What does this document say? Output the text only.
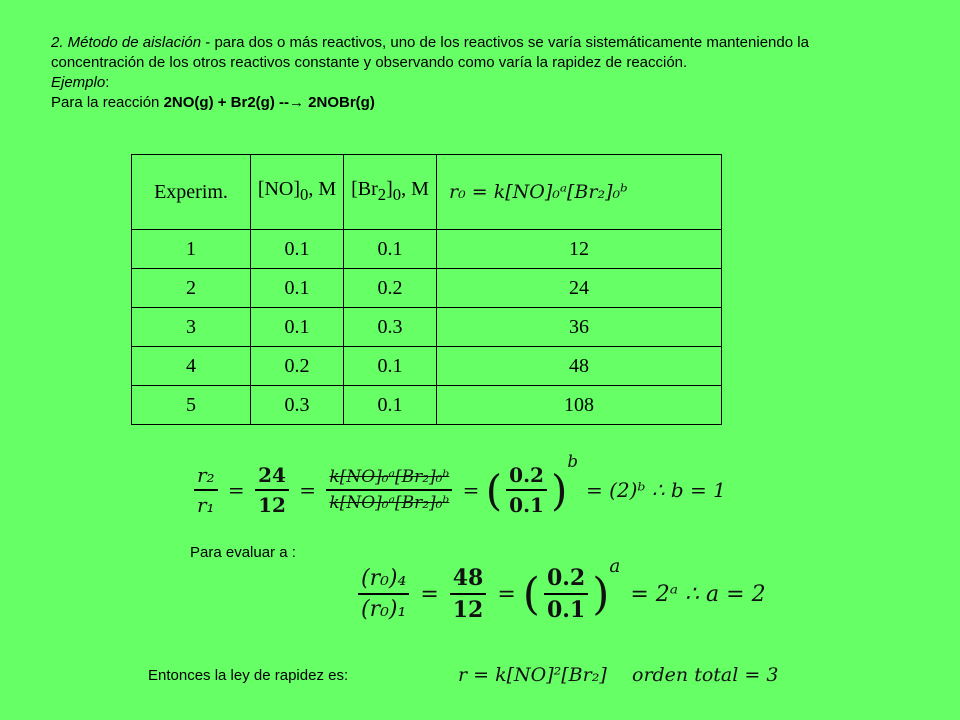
2. Método de aislación - para dos o más reactivos, uno de los reactivos se varía sistemáticamente manteniendo la concentración de los otros reactivos constante y observando como varía la rapidez de reacción.

Ejemplo:

Para la reacción 2NO(g) + Br2(g) --→ 2NOBr(g)

Experim.	$[NO]_0$, M	$[Br_2]_0$, M	r₀ = k[NO]₀ᵃ[Br₂]₀ᵇ
1	0.1	0.1	12
2	0.1	0.2	24
3	0.1	0.3	36
4	0.2	0.1	48
5	0.3	0.1	108
$\frac{\text{r₂}}{\text{r₁}} = \frac{24}{12} = \frac{\text{k[NO]₀ᵃ[Br₂]₀ᵇ}}{\text{k[NO]₀ᵃ[Br₂]₀ᵇ}}$ = ( $\frac{0.2}{0.1}$ )
$^b$
= (2)ᵇ ∴ b = 1
Para evaluar a :
$\frac{\text{(r₀)₄}}{\text{(r₀)₁}} = \frac{48}{12}$ = ( $\frac{0.2}{0.1}$ )
$^a$
= 2ᵃ ∴ a = 2
Entonces la ley de rapidez es:	r = k[NO]²[Br₂] orden total = 3
